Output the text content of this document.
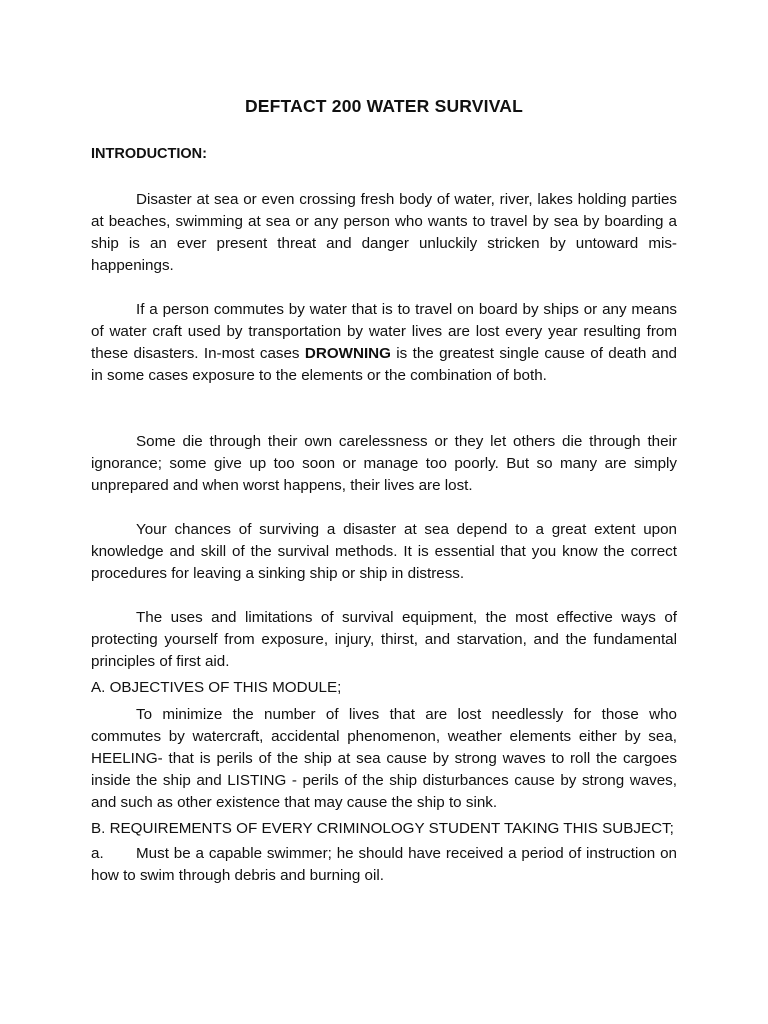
DEFTACT 200 WATER SURVIVAL
INTRODUCTION:

Disaster at sea or even crossing fresh body of water, river, lakes holding parties at beaches, swimming at sea or any person who wants to travel by sea by boarding a ship is an ever present threat and danger unluckily stricken by untoward mis-happenings.

If a person commutes by water that is to travel on board by ships or any means of water craft used by transportation by water lives are lost every year resulting from these disasters. In-most cases DROWNING is the greatest single cause of death and in some cases exposure to the elements or the combination of both.

Some die through their own carelessness or they let others die through their ignorance; some give up too soon or manage too poorly. But so many are simply unprepared and when worst happens, their lives are lost.

Your chances of surviving a disaster at sea depend to a great extent upon knowledge and skill of the survival methods. It is essential that you know the correct procedures for leaving a sinking ship or ship in distress.

The uses and limitations of survival equipment, the most effective ways of protecting yourself from exposure, injury, thirst, and starvation, and the fundamental principles of first aid.

A. OBJECTIVES OF THIS MODULE;

To minimize the number of lives that are lost needlessly for those who commutes by watercraft, accidental phenomenon, weather elements either by sea, HEELING- that is perils of the ship at sea cause by strong waves to roll the cargoes inside the ship and LISTING - perils of the ship disturbances cause by strong waves, and such as other existence that may cause the ship to sink.

B. REQUIREMENTS OF EVERY CRIMINOLOGY STUDENT TAKING THIS SUBJECT;

a. Must be a capable swimmer; he should have received a period of instruction on how to swim through debris and burning oil.
